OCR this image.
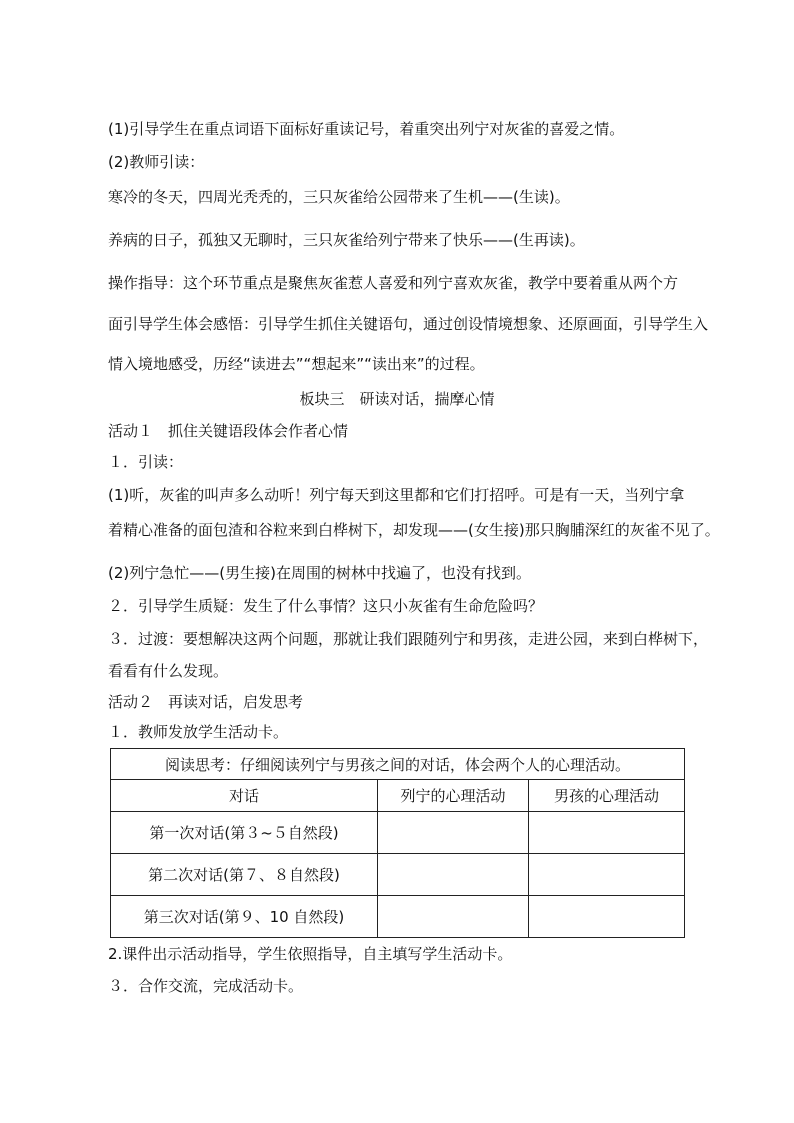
(1)引导学生在重点词语下面标好重读记号，着重突出列宁对灰雀的喜爱之情。
(2)教师引读：
寒冷的冬天，四周光秃秃的，三只灰雀给公园带来了生机——(生读)。
养病的日子，孤独又无聊时，三只灰雀给列宁带来了快乐——(生再读)。
操作指导：这个环节重点是聚焦灰雀惹人喜爱和列宁喜欢灰雀，教学中要着重从两个方
面引导学生体会感悟：引导学生抓住关键语句，通过创设情境想象、还原画面，引导学生入
情入境地感受，历经“读进去”“想起来”“读出来”的过程。
板块三　研读对话，揣摩心情
活动１　抓住关键语段体会作者心情
１．引读：
(1)听，灰雀的叫声多么动听！列宁每天到这里都和它们打招呼。可是有一天，当列宁拿
着精心准备的面包渣和谷粒来到白桦树下，却发现——(女生接)那只胸脯深红的灰雀不见了。
(2)列宁急忙——(男生接)在周围的树林中找遍了，也没有找到。
２．引导学生质疑：发生了什么事情？这只小灰雀有生命危险吗？
３．过渡：要想解决这两个问题，那就让我们跟随列宁和男孩，走进公园，来到白桦树下，
看看有什么发现。
活动２　再读对话，启发思考
１．教师发放学生活动卡。
阅读思考：仔细阅读列宁与男孩之间的对话，体会两个人的心理活动。		
对话	列宁的心理活动	男孩的心理活动
第一次对话(第３~５自然段)		
第二次对话(第７、８自然段)		
第三次对话(第９、10 自然段)		
2.课件出示活动指导，学生依照指导，自主填写学生活动卡。
３．合作交流，完成活动卡。
